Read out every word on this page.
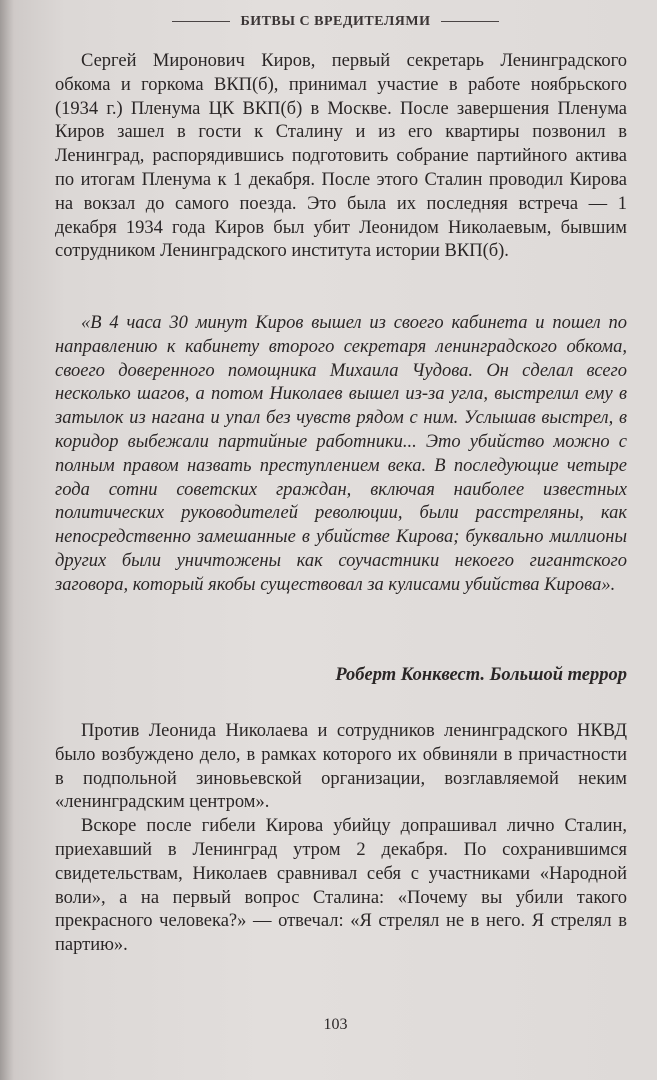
БИТВЫ С ВРЕДИТЕЛЯМИ

Сергей Миронович Киров, первый секретарь Ленинградского обкома и горкома ВКП(б), принимал участие в работе ноябрьского (1934 г.) Пленума ЦК ВКП(б) в Москве. После завершения Пленума Киров зашел в гости к Сталину и из его квартиры позвонил в Ленинград, распорядившись подготовить собрание партийного актива по итогам Пленума к 1 декабря. После этого Сталин проводил Кирова на вокзал до самого поезда. Это была их последняя встреча — 1 декабря 1934 года Киров был убит Леонидом Николаевым, бывшим сотрудником Ленинградского института истории ВКП(б).

«В 4 часа 30 минут Киров вышел из своего кабинета и пошел по направлению к кабинету второго секретаря ленинградского обкома, своего доверенного помощника Михаила Чудова. Он сделал всего несколько шагов, а потом Николаев вышел из-за угла, выстрелил ему в затылок из нагана и упал без чувств рядом с ним. Услышав выстрел, в коридор выбежали партийные работники... Это убийство можно с полным правом назвать преступлением века. В последующие четыре года сотни советских граждан, включая наиболее известных политических руководителей революции, были расстреляны, как непосредственно замешанные в убийстве Кирова; буквально миллионы других были уничтожены как соучастники некоего гигантского заговора, который якобы существовал за кулисами убийства Кирова».

Роберт Конквест. Большой террор

Против Леонида Николаева и сотрудников ленинградского НКВД было возбуждено дело, в рамках которого их обвиняли в причастности в подпольной зиновьевской организации, возглавляемой неким «ленинградским центром».

Вскоре после гибели Кирова убийцу допрашивал лично Сталин, приехавший в Ленинград утром 2 декабря. По сохранившимся свидетельствам, Николаев сравнивал себя с участниками «Народной воли», а на первый вопрос Сталина: «Почему вы убили такого прекрасного человека?» — отвечал: «Я стрелял не в него. Я стрелял в партию».

103
